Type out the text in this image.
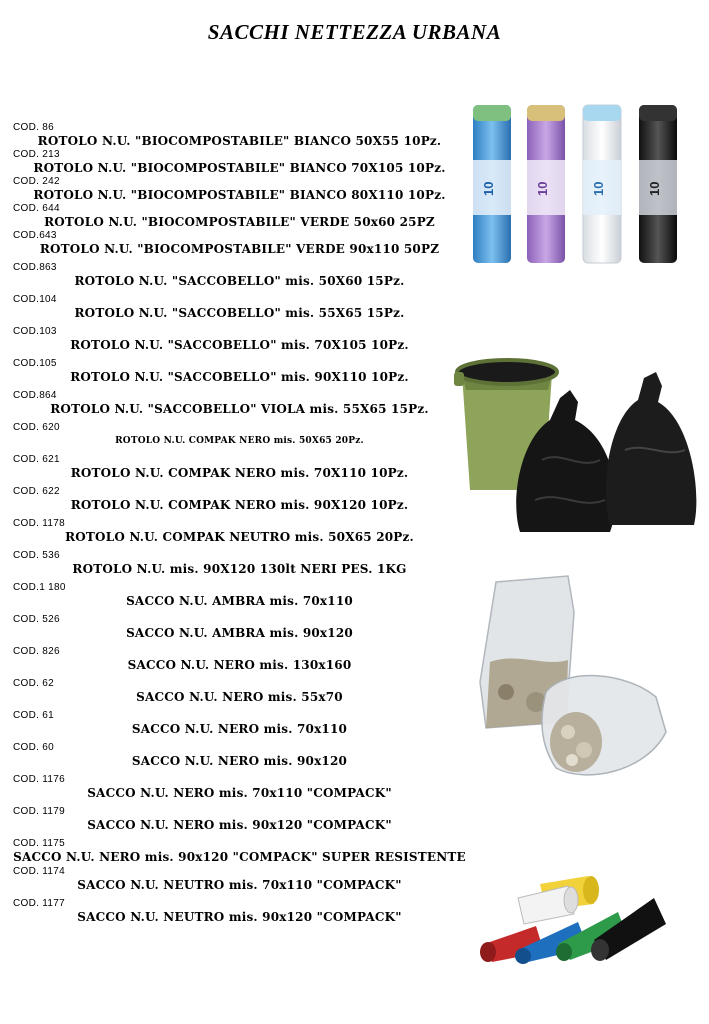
SACCHI NETTEZZA URBANA
COD. 86
ROTOLO N.U. "BIOCOMPOSTABILE" BIANCO 50X55 10Pz.
COD. 213
ROTOLO N.U. "BIOCOMPOSTABILE" BIANCO 70X105 10Pz.
COD. 242
ROTOLO N.U. "BIOCOMPOSTABILE" BIANCO 80X110 10Pz.
COD. 644
ROTOLO N.U. "BIOCOMPOSTABILE" VERDE 50x60 25PZ
COD.643
ROTOLO N.U. "BIOCOMPOSTABILE" VERDE 90x110 50PZ
COD.863
ROTOLO N.U. "SACCOBELLO" mis. 50X60 15Pz.
COD.104
ROTOLO N.U. "SACCOBELLO" mis. 55X65 15Pz.
COD.103
ROTOLO N.U. "SACCOBELLO" mis. 70X105 10Pz.
COD.105
ROTOLO N.U. "SACCOBELLO" mis. 90X110 10Pz.
COD.864
ROTOLO N.U. "SACCOBELLO" VIOLA mis. 55X65 15Pz.
COD. 620
ROTOLO N.U. COMPAK NERO mis. 50X65 20Pz.
COD. 621
ROTOLO N.U. COMPAK NERO mis. 70X110 10Pz.
COD. 622
ROTOLO N.U. COMPAK NERO mis. 90X120 10Pz.
COD. 1178
ROTOLO N.U. COMPAK NEUTRO mis. 50X65 20Pz.
COD. 536
ROTOLO N.U. mis. 90X120 130lt NERI PES. 1KG
COD.1 180
SACCO N.U. AMBRA mis. 70x110
COD. 526
SACCO N.U. AMBRA mis. 90x120
COD. 826
SACCO N.U. NERO mis. 130x160
COD. 62
SACCO N.U. NERO mis. 55x70
COD. 61
SACCO N.U. NERO mis. 70x110
COD. 60
SACCO N.U. NERO mis. 90x120
COD. 1176
SACCO N.U. NERO mis. 70x110 "COMPACK"
COD. 1179
SACCO N.U. NERO mis. 90x120 "COMPACK"
COD. 1175
SACCO N.U. NERO mis. 90x120 "COMPACK" SUPER RESISTENTE
COD. 1174
SACCO N.U. NEUTRO mis. 70x110 "COMPACK"
COD. 1177
SACCO N.U. NEUTRO mis. 90x120 "COMPACK"
10	10	10	10
